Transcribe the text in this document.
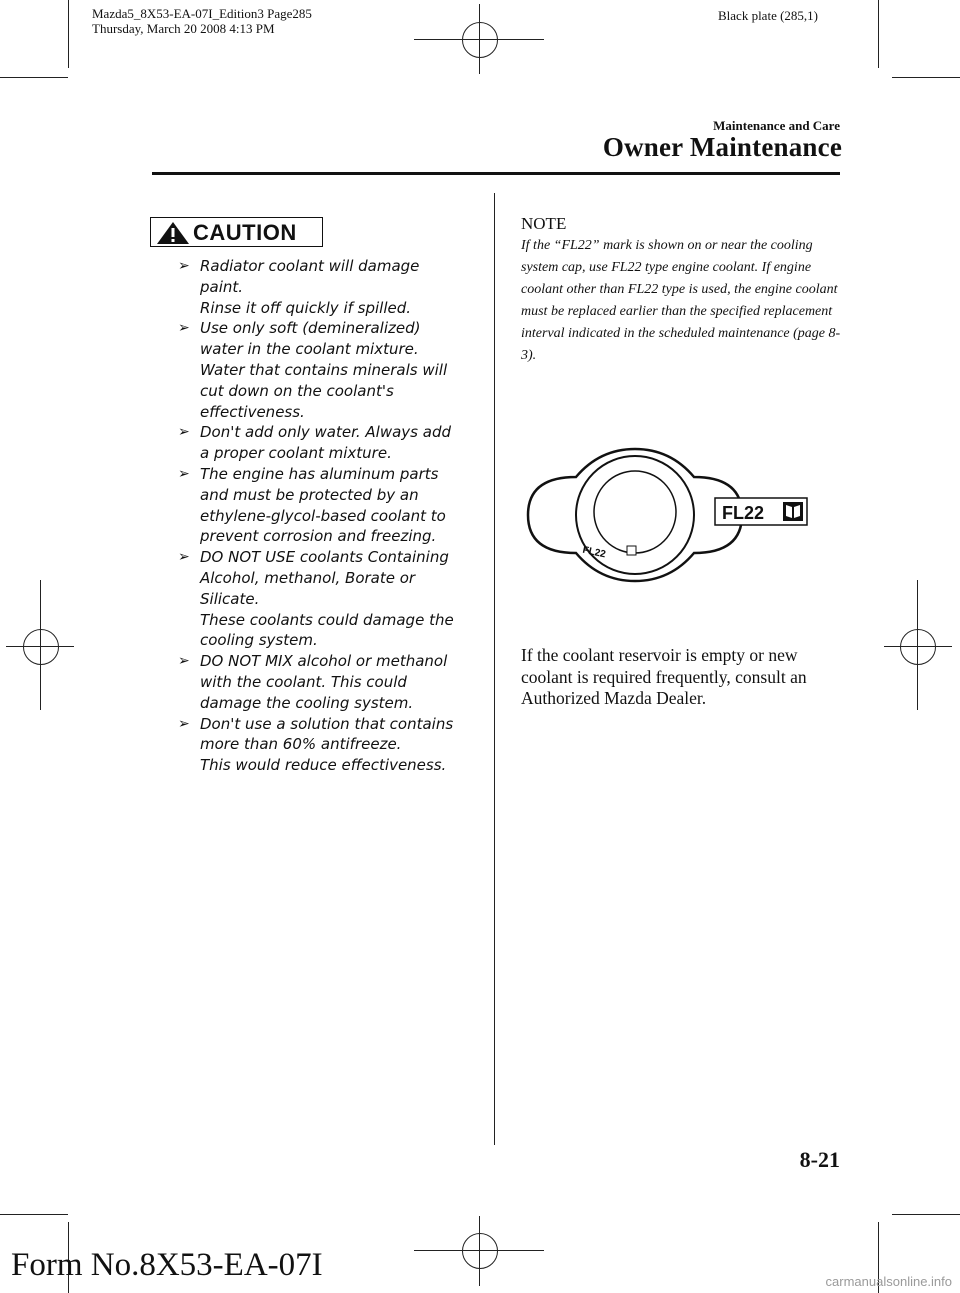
Mazda5_8X53-EA-07I_Edition3 Page285
Thursday, March 20 2008 4:13 PM
Black plate (285,1)
Maintenance and Care
Owner Maintenance
CAUTION
➢ Radiator coolant will damage
paint.
Rinse it off quickly if spilled.
➢ Use only soft (demineralized)
water in the coolant mixture.
Water that contains minerals will
cut down on the coolant's
effectiveness.
➢ Don't add only water. Always add
a proper coolant mixture.
➢ The engine has aluminum parts
and must be protected by an
ethylene-glycol-based coolant to
prevent corrosion and freezing.
➢ DO NOT USE coolants Containing
Alcohol, methanol, Borate or
Silicate.
These coolants could damage the
cooling system.
➢ DO NOT MIX alcohol or methanol
with the coolant. This could
damage the cooling system.
➢ Don't use a solution that contains
more than 60% antifreeze.
This would reduce effectiveness.
NOTE
If the “FL22” mark is shown on or near the cooling system cap, use FL22 type engine coolant. If engine coolant other than FL22 type is used, the engine coolant must be replaced earlier than the specified replacement interval indicated in the scheduled maintenance (page 8-3).
FL22
FL22
If the coolant reservoir is empty or new coolant is required frequently, consult an Authorized Mazda Dealer.
8-21
Form No.8X53-EA-07I	carmanualsonline.info
